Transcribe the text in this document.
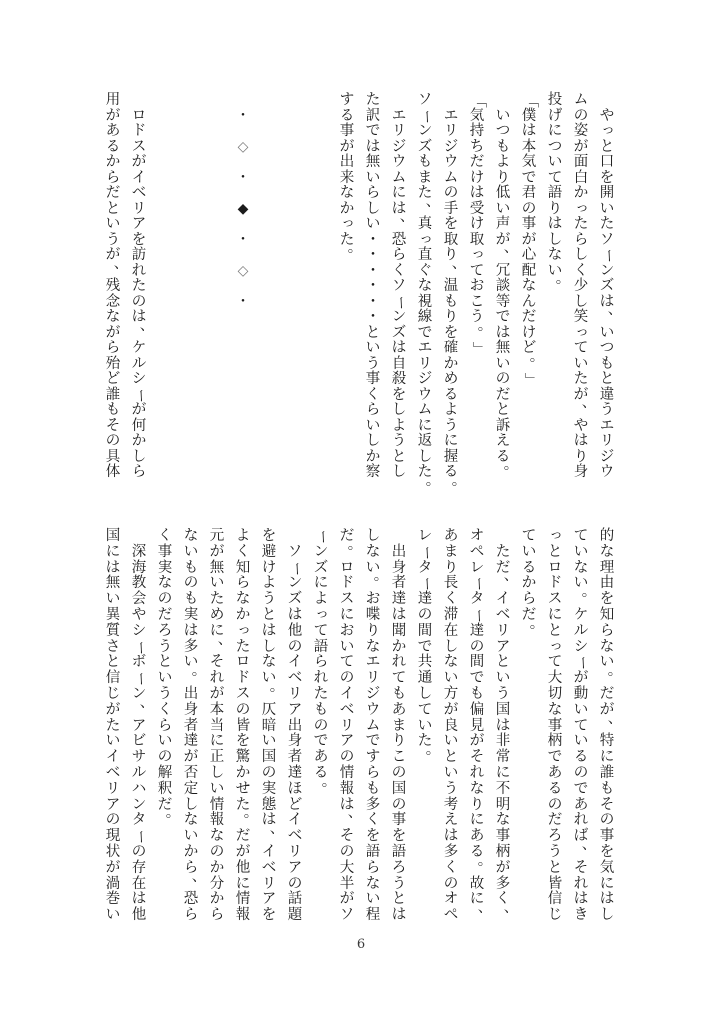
や
っ
と
口
を
開
い
た
ソ
ー
ン
ズ
は
、
い
つ
も
と
違
う
エ
リ
ジ
ウ
ム
の
姿
が
面
白
か
っ
た
ら
し
く
少
し
笑
っ
て
い
た
が
、
や
は
り
身
投
げ
に
つ
い
て
語
り
は
し
な
い
。
「
僕
は
本
気
で
君
の
事
が
心
配
な
ん
だ
け
ど
。
」

い
つ
も
よ
り
低
い
声
が
、
冗
談
等
で
は
無
い
の
だ
と
訴
え
る
。
「
気
持
ち
だ
け
は
受
け
取
っ
て
お
こ
う
。
」

エ
リ
ジ
ウ
ム
の
手
を
取
り
、
温
も
り
を
確
か
め
る
よ
う
に
握
る
。
ソ
ー
ン
ズ
も
ま
た
、
真
っ
直
ぐ
な
視
線
で
エ
リ
ジ
ウ
ム
に
返
し
た
。

エ
リ
ジ
ウ
ム
に
は
、
恐
ら
く
ソ
ー
ン
ズ
は
自
殺
を
し
よ
う
と
し
た
訳
で
は
無
い
ら
し
い
・
・
・
・
・
・
と
い
う
事
く
ら
い
し
か
察
す
る
事
が
出
来
な
か
っ
た
。

・

◇

・

◆

・

◇

・

ロ
ド
ス
が
イ
ベ
リ
ア
を
訪
れ
た
の
は
、
ケ
ル
シ
ー
が
何
か
し
ら
用
が
あ
る
か
ら
だ
と
い
う
が
、
残
念
な
が
ら
殆
ど
誰
も
そ
の
具
体
的
な
理
由
を
知
ら
な
い
。
だ
が
、
特
に
誰
も
そ
の
事
を
気
に
は
し
て
い
な
い
。
ケ
ル
シ
ー
が
動
い
て
い
る
の
で
あ
れ
ば
、
そ
れ
は
き
っ
と
ロ
ド
ス
に
と
っ
て
大
切
な
事
柄
で
あ
る
の
だ
ろ
う
と
皆
信
じ
て
い
る
か
ら
だ
。

た
だ
、
イ
ベ
リ
ア
と
い
う
国
は
非
常
に
不
明
な
事
柄
が
多
く
、
オ
ペ
レ
ー
タ
ー
達
の
間
で
も
偏
見
が
そ
れ
な
り
に
あ
る
。
故
に
、
あ
ま
り
長
く
滞
在
し
な
い
方
が
良
い
と
い
う
考
え
は
多
く
の
オ
ペ
レ
ー
タ
ー
達
の
間
で
共
通
し
て
い
た
。

出
身
者
達
は
聞
か
れ
て
も
あ
ま
り
こ
の
国
の
事
を
語
ろ
う
と
は
し
な
い
。
お
喋
り
な
エ
リ
ジ
ウ
ム
で
す
ら
も
多
く
を
語
ら
な
い
程
だ
。
ロ
ド
ス
に
お
い
て
の
イ
ベ
リ
ア
の
情
報
は
、
そ
の
大
半
が
ソ
ー
ン
ズ
に
よ
っ
て
語
ら
れ
た
も
の
で
あ
る
。

ソ
ー
ン
ズ
は
他
の
イ
ベ
リ
ア
出
身
者
達
ほ
ど
イ
ベ
リ
ア
の
話
題
を
避
け
よ
う
と
は
し
な
い
。
仄
暗
い
国
の
実
態
は
、
イ
ベ
リ
ア
を
よ
く
知
ら
な
か
っ
た
ロ
ド
ス
の
皆
を
驚
か
せ
た
。
だ
が
他
に
情
報
元
が
無
い
た
め
に
、
そ
れ
が
本
当
に
正
し
い
情
報
な
の
か
分
か
ら
な
い
も
の
も
実
は
多
い
。
出
身
者
達
が
否
定
し
な
い
か
ら
、
恐
ら
く
事
実
な
の
だ
ろ
う
と
い
う
く
ら
い
の
解
釈
だ
。

深
海
教
会
や
シ
ー
ボ
ー
ン
、
ア
ビ
サ
ル
ハ
ン
タ
ー
の
存
在
は
他
国
に
は
無
い
異
質
さ
と
信
じ
が
た
い
イ
ベ
リ
ア
の
現
状
が
渦
巻
い
6
